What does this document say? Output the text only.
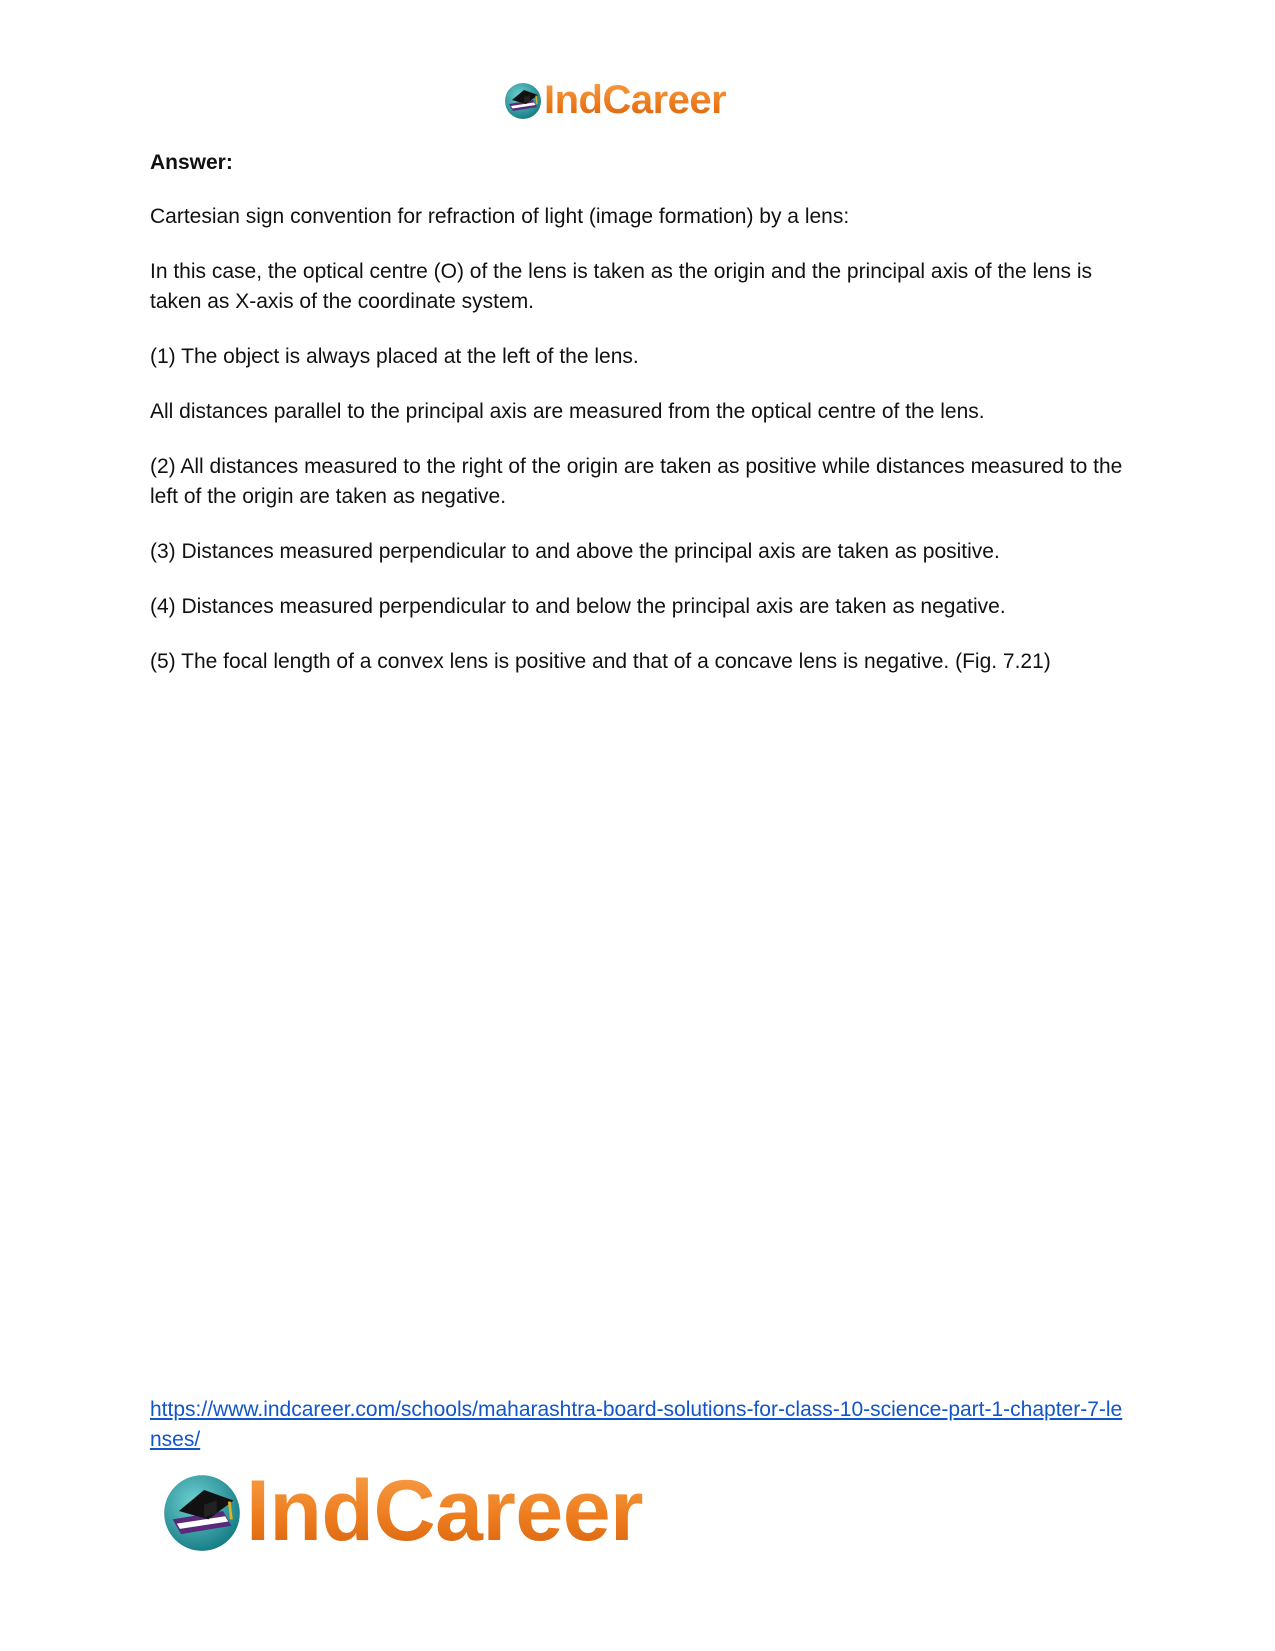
IndCareer

Answer:

Cartesian sign convention for refraction of light (image formation) by a lens:

In this case, the optical centre (O) of the lens is taken as the origin and the principal axis of the lens is taken as X-axis of the coordinate system.

(1) The object is always placed at the left of the lens.

All distances parallel to the principal axis are measured from the optical centre of the lens.

(2) All distances measured to the right of the origin are taken as positive while distances measured to the left of the origin are taken as negative.

(3) Distances measured perpendicular to and above the principal axis are taken as positive.

(4) Distances measured perpendicular to and below the principal axis are taken as negative.

(5) The focal length of a convex lens is positive and that of a concave lens is negative. (Fig. 7.21)

https://www.indcareer.com/schools/maharashtra-board-solutions-for-class-10-science-part-1-chapter-7-lenses/
IndCareer
